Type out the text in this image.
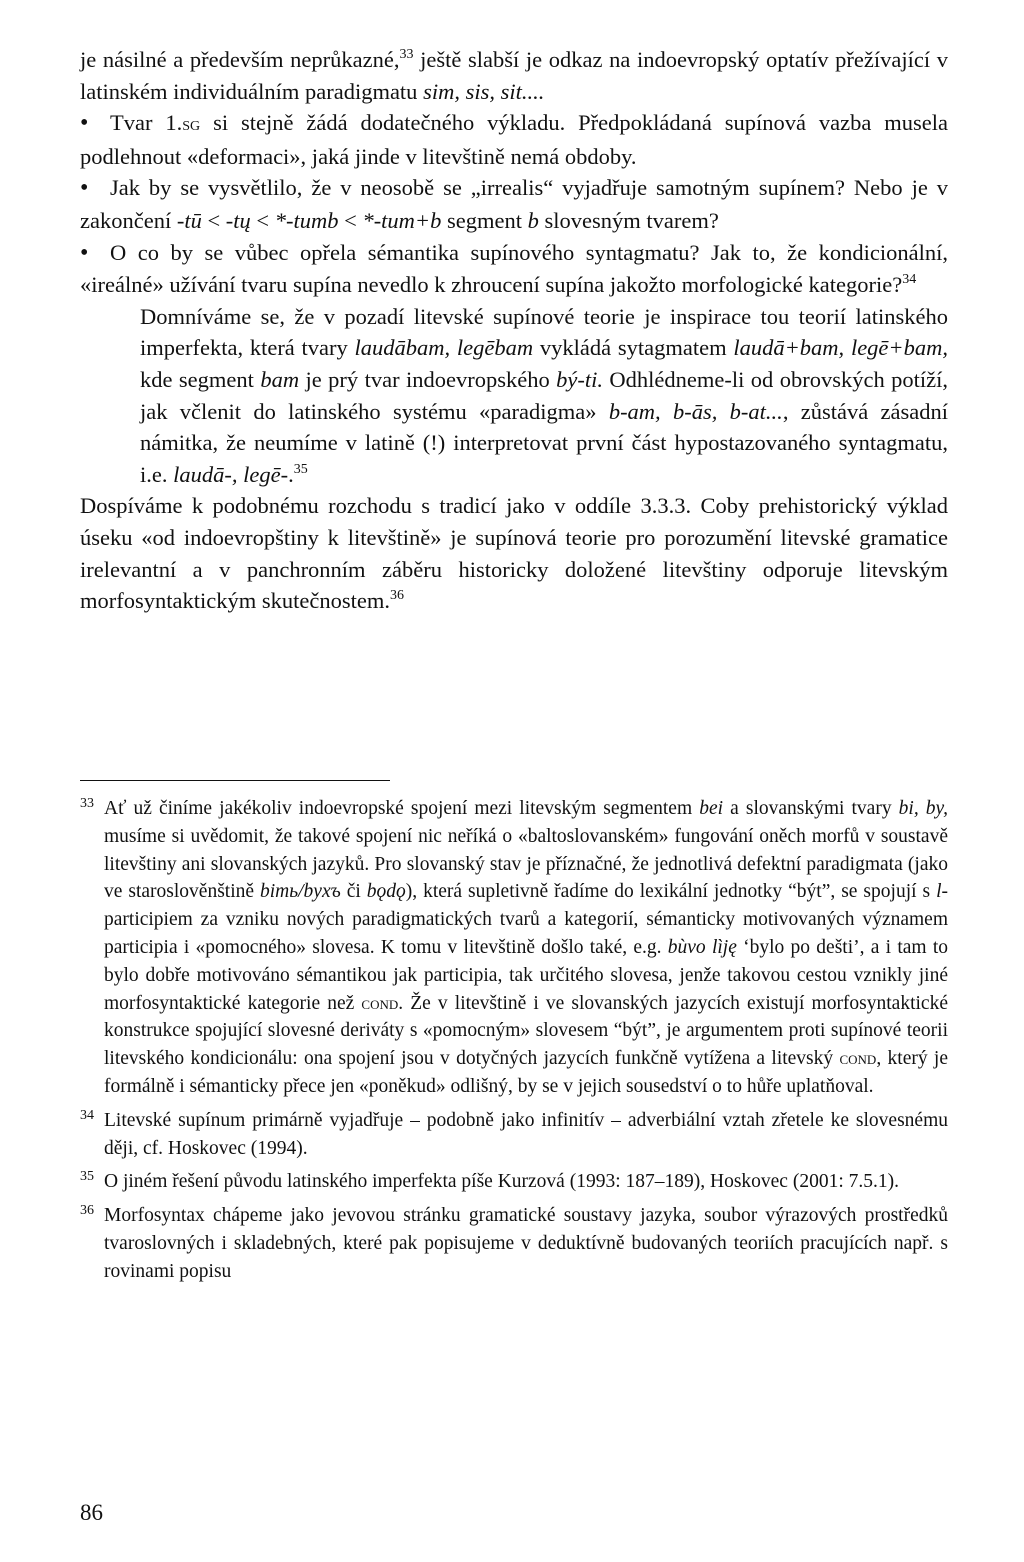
je násilné a především neprůkazné,$^{33}$ ještě slabší je odkaz na indoevropský optatív přežívající v latinském individuálním paradigmatu sim, sis, sit....

•Tvar 1.sg si stejně žádá dodatečného výkladu. Předpokládaná supínová vazba musela podlehnout «deformaci», jaká jinde v litevštině nemá obdoby.

•Jak by se vysvětlilo, že v neosobě se „irrealis“ vyjadřuje samotným supínem? Nebo je v zakončení -tū < -tų < *-tumb < *-tum+b segment b slovesným tvarem?

•O co by se vůbec opřela sémantika supínového syntagmatu? Jak to, že kondicionální, «ireálné» užívání tvaru supína nevedlo k zhroucení supína jakožto morfologické kategorie?$^{34}$

Domníváme se, že v pozadí litevské supínové teorie je inspirace tou teorií latinského imperfekta, která tvary laudābam, legēbam vykládá sytagmatem laudā+bam, legē+bam, kde segment bam je prý tvar indoevropského bý-ti. Odhlédneme-li od obrovských potíží, jak včlenit do latinského systému «paradigma» b-am, b-ās, b-at..., zůstává zásadní námitka, že neumíme v latině (!) interpretovat první část hypostazovaného syntagmatu, i.e. laudā-, legē-.$^{35}$

Dospíváme k podobnému rozchodu s tradicí jako v oddíle 3.3.3. Coby prehistorický výklad úseku «od indoevropštiny k litevštině» je supínová teorie pro porozumění litevské gramatice irelevantní a v panchronním záběru historicky doložené litevštiny odporuje litevským morfosyntaktickým skutečnostem.$^{36}$

33 Ať už činíme jakékoliv indoevropské spojení mezi litevským segmentem bei a slovanskými tvary bi, by, musíme si uvědomit, že takové spojení nic neříká o «baltoslovanském» fungování oněch morfů v soustavě litevštiny ani slovanských jazyků. Pro slovanský stav je příznačné, že jednotlivá defektní paradigmata (jako ve staroslověnštině bimь/byxъ či bǫdǫ), která supletivně řadíme do lexikální jednotky “být”, se spojují s l-participiem za vzniku nových paradigmatických tvarů a kategorií, sémanticky motivovaných významem participia i «pomocného» slovesa. K tomu v litevštině došlo také, e.g. bùvo lìję ‘bylo po dešti’, a i tam to bylo dobře motivováno sémantikou jak participia, tak určitého slovesa, jenže takovou cestou vznikly jiné morfosyntaktické kategorie než cond. Že v litevštině i ve slovanských jazycích existují morfosyntaktické konstrukce spojující slovesné deriváty s «pomocným» slovesem “být”, je argumentem proti supínové teorii litevského kondicionálu: ona spojení jsou v dotyčných jazycích funkčně vytížena a litevský cond, který je formálně i sémanticky přece jen «poněkud» odlišný, by se v jejich sousedství o to hůře uplatňoval.

34 Litevské supínum primárně vyjadřuje – podobně jako infinitív – adverbiální vztah zřetele ke slovesnému ději, cf. Hoskovec (1994).

35 O jiném řešení původu latinského imperfekta píše Kurzová (1993: 187–189), Hoskovec (2001: 7.5.1).

36 Morfosyntax chápeme jako jevovou stránku gramatické soustavy jazyka, soubor výrazových prostředků tvaroslovných i skladebných, které pak popisujeme v deduktívně budovaných teoriích pracujících např. s rovinami popisu

86
